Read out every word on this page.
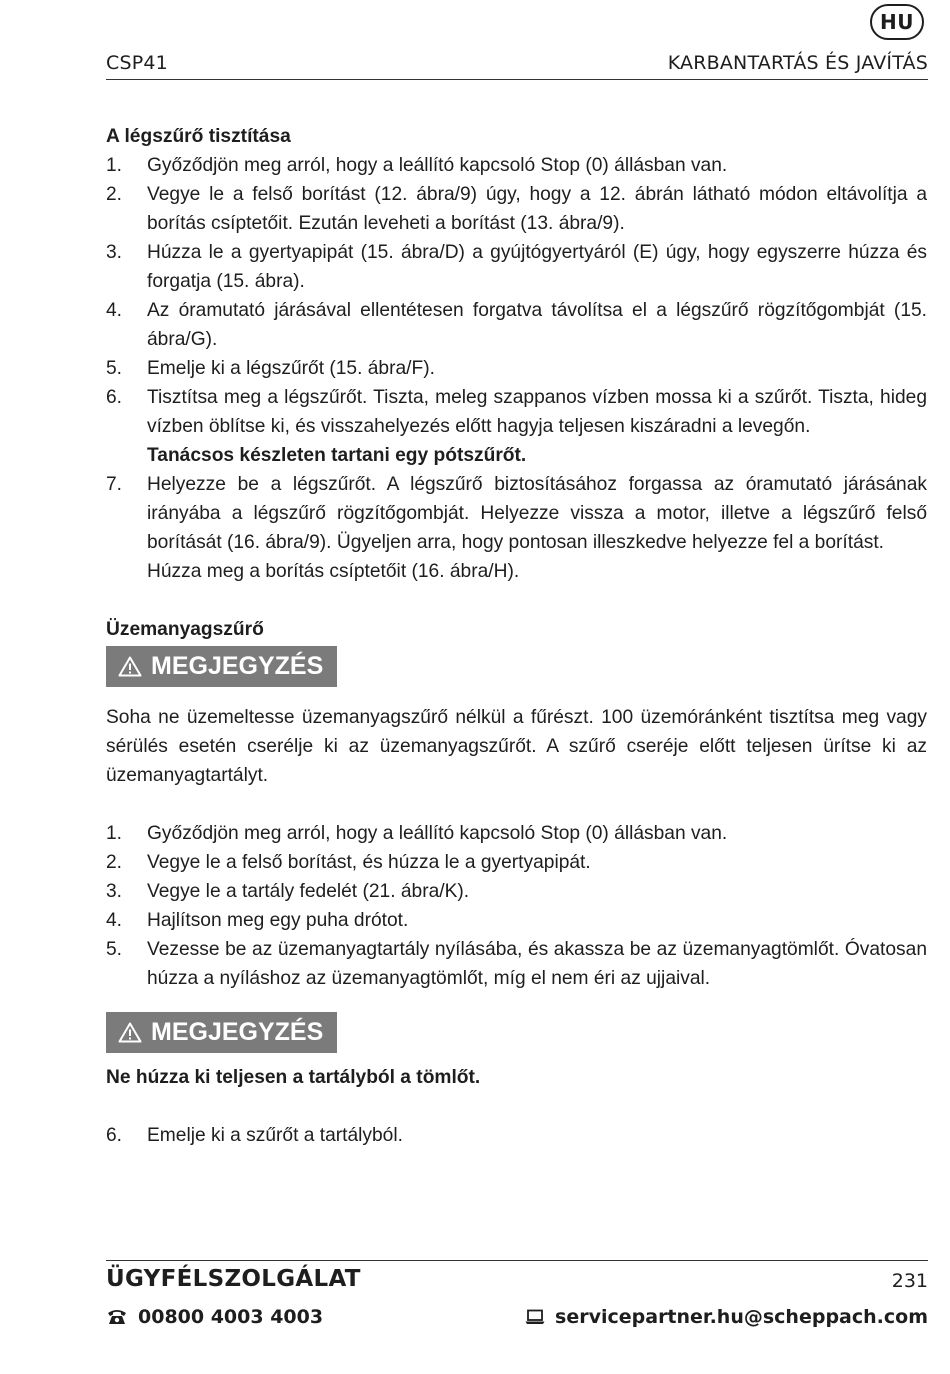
HU
CSP41	KARBANTARTÁS ÉS JAVÍTÁS
A légszűrő tisztítása
1.	Győződjön meg arról, hogy a leállító kapcsoló Stop (0) állásban van.
2.	Vegye le a felső borítást (12. ábra/9) úgy, hogy a 12. ábrán látható módon eltávolítja a borítás csíptetőit. Ezután leveheti a borítást (13. ábra/9).
3.	Húzza le a gyertyapipát (15. ábra/D) a gyújtógyertyáról (E) úgy, hogy egyszerre húzza és forgatja (15. ábra).
4.	Az óramutató járásával ellentétesen forgatva távolítsa el a légszűrő rögzítőgombját (15. ábra/G).
5.	Emelje ki a légszűrőt (15. ábra/F).
6.	Tisztítsa meg a légszűrőt. Tiszta, meleg szappanos vízben mossa ki a szűrőt. Tiszta, hideg vízben öblítse ki, és visszahelyezés előtt hagyja teljesen kiszáradni a levegőn.
Tanácsos készleten tartani egy pótszűrőt.
7.	Helyezze be a légszűrőt. A légszűrő biztosításához forgassa az óramutató járásának irányába a légszűrő rögzítőgombját. Helyezze vissza a motor, illetve a légszűrő felső borítását (16. ábra/9). Ügyeljen arra, hogy pontosan illeszkedve helyezze fel a borítást.
Húzza meg a borítás csíptetőit (16. ábra/H).
Üzemanyagszűrő
MEGJEGYZÉS
Soha ne üzemeltesse üzemanyagszűrő nélkül a fűrészt. 100 üzemóránként tisztítsa meg vagy sérülés esetén cserélje ki az üzemanyagszűrőt. A szűrő cseréje előtt teljesen ürítse ki az üzemanyagtartályt.
1.	Győződjön meg arról, hogy a leállító kapcsoló Stop (0) állásban van.
2.	Vegye le a felső borítást, és húzza le a gyertyapipát.
3.	Vegye le a tartály fedelét (21. ábra/K).
4.	Hajlítson meg egy puha drótot.
5.	Vezesse be az üzemanyagtartály nyílásába, és akassza be az üzemanyagtömlőt. Óvatosan húzza a nyíláshoz az üzemanyagtömlőt, míg el nem éri az ujjaival.
MEGJEGYZÉS
Ne húzza ki teljesen a tartályból a tömlőt.
6.	Emelje ki a szűrőt a tartályból.
ÜGYFÉLSZOLGÁLAT	231
00800 4003 4003	servicepartner.hu@scheppach.com
